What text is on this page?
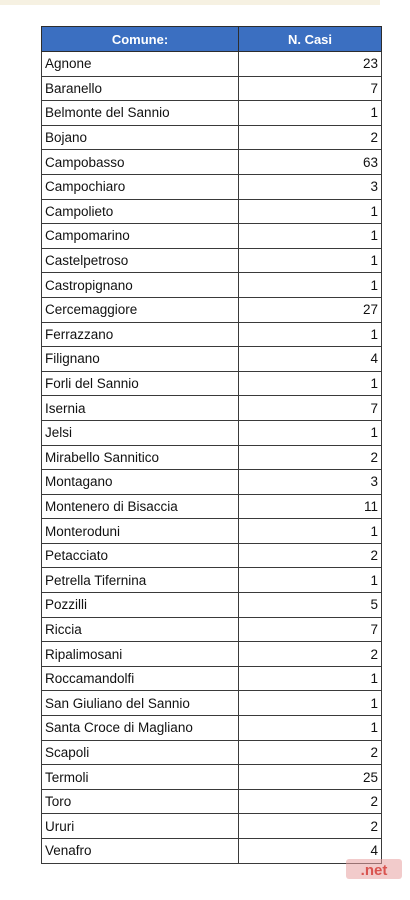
Comune:	N. Casi
Agnone	23
Baranello	7
Belmonte del Sannio	1
Bojano	2
Campobasso	63
Campochiaro	3
Campolieto	1
Campomarino	1
Castelpetroso	1
Castropignano	1
Cercemaggiore	27
Ferrazzano	1
Filignano	4
Forli del Sannio	1
Isernia	7
Jelsi	1
Mirabello Sannitico	2
Montagano	3
Montenero di Bisaccia	11
Monteroduni	1
Petacciato	2
Petrella Tifernina	1
Pozzilli	5
Riccia	7
Ripalimosani	2
Roccamandolfi	1
San Giuliano del Sannio	1
Santa Croce di Magliano	1
Scapoli	2
Termoli	25
Toro	2
Ururi	2
Venafro	4
.net
